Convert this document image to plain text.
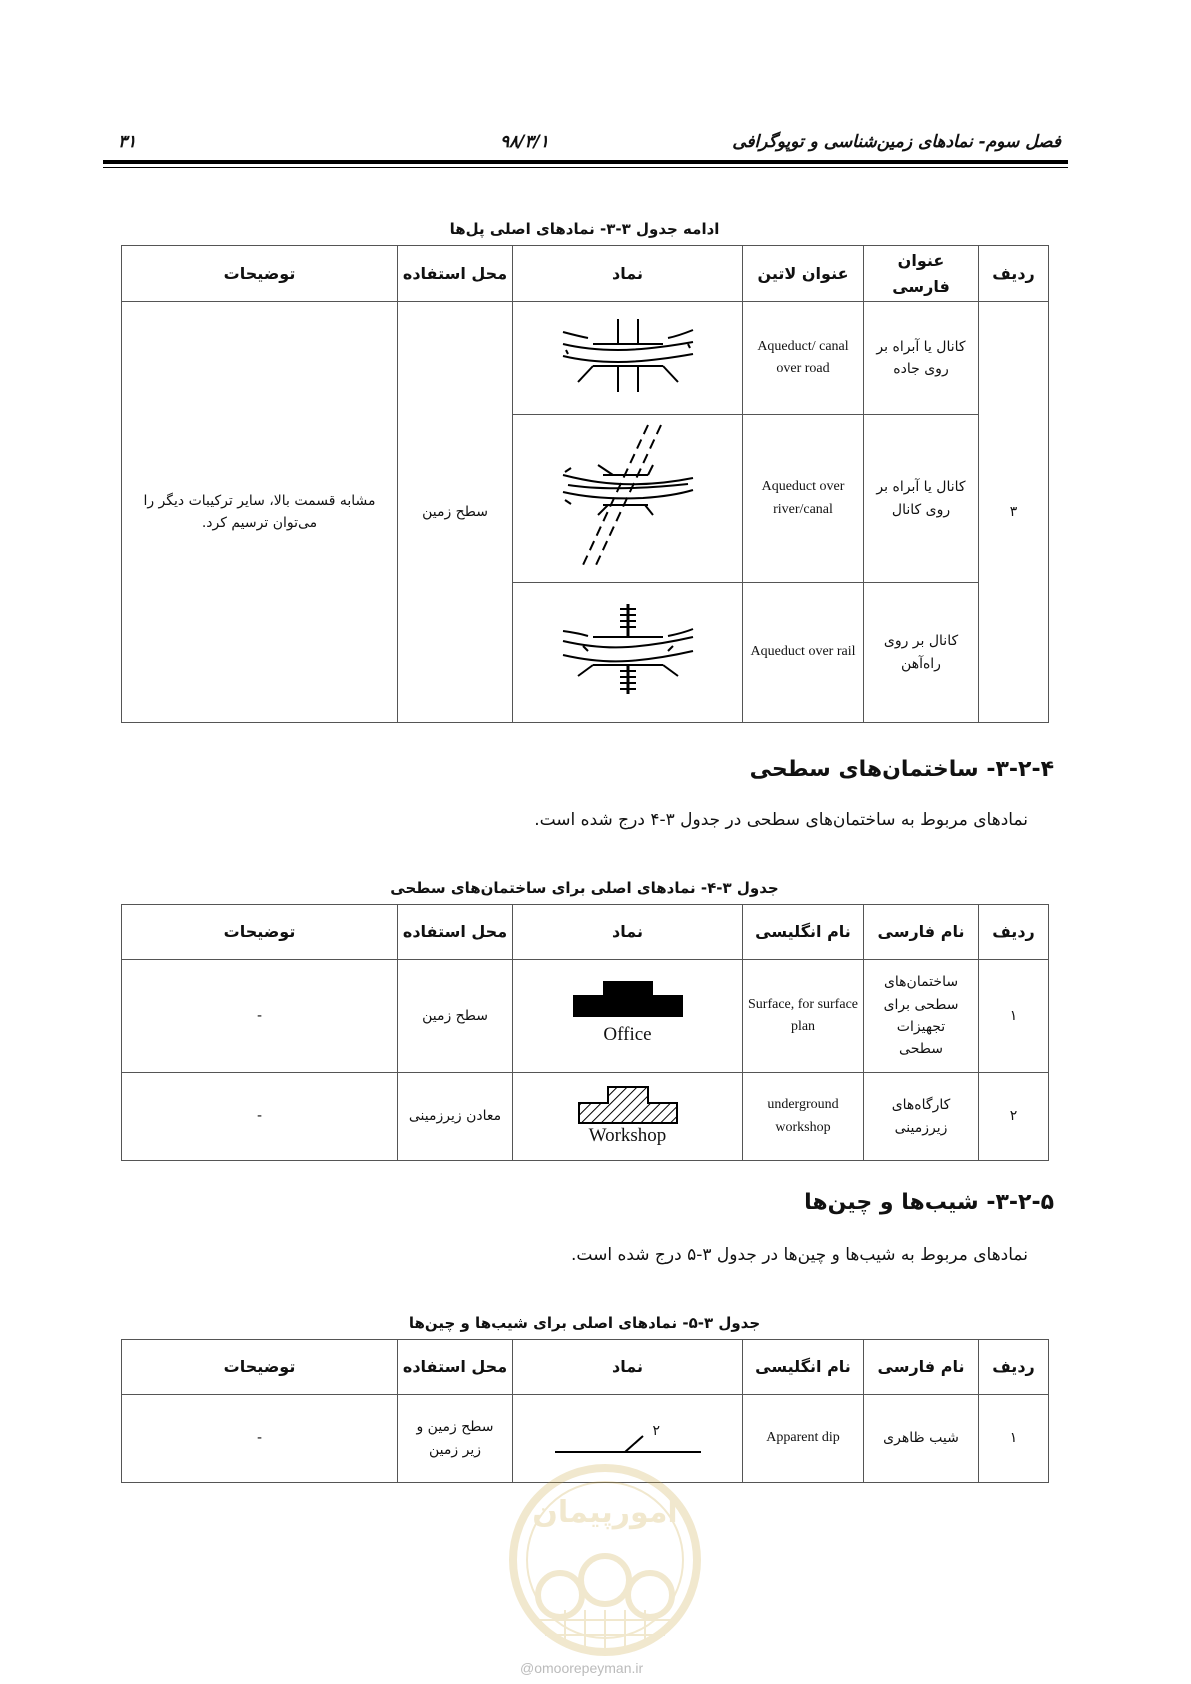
فصل سوم- نمادهای زمین‌شناسی و توپوگرافی
۹۸/۳/۱
۳۱
ادامه جدول ۳-۳- نمادهای اصلی پل‌ها
ردیف	عنوان فارسی	عنوان لاتین	نماد	محل استفاده	توضیحات
۳	کانال یا آبراه بر روی جاده	Aqueduct/ canal over road		سطح زمین	مشابه قسمت بالا، سایر ترکیبات دیگر را می‌توان ترسیم کرد.
	کانال یا آبراه بر روی کانال	Aqueduct over river/canal	
	کانال بر روی راه‌آهن	Aqueduct over rail	
۳-۲-۴- ساختمان‌های سطحی
نمادهای مربوط به ساختمان‌های سطحی در جدول ۳-۴ درج شده است.
جدول ۳-۴- نمادهای اصلی برای ساختمان‌های سطحی
ردیف	نام فارسی	نام انگلیسی	نماد	محل استفاده	توضیحات
۱	ساختمان‌های سطحی برای تجهیزات سطحی	Surface, for surface plan	Office	سطح زمین	-
۲	کارگاه‌های زیرزمینی	underground workshop	Workshop	معادن زیرزمینی	-
۳-۲-۵- شیب‌ها و چین‌ها
نمادهای مربوط به شیب‌ها و چین‌ها در جدول ۳-۵ درج شده است.
جدول ۳-۵- نمادهای اصلی برای شیب‌ها و چین‌ها
ردیف	نام فارسی	نام انگلیسی	نماد	محل استفاده	توضیحات
۱	شیب ظاهری	Apparent dip	۲	سطح زمین و زیر زمین	-
امورپیمان
@omoorepeyman.ir
